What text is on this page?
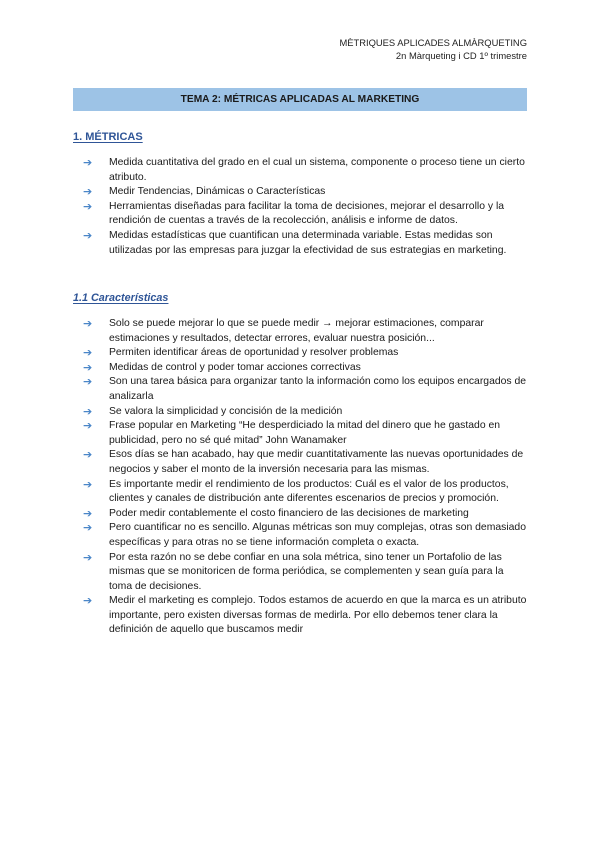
MÈTRIQUES APLICADES ALMÀRQUETING
2n Màrqueting i CD 1º trimestre
TEMA 2: MÉTRICAS APLICADAS AL MARKETING
1. MÉTRICAS
➔ Medida cuantitativa del grado en el cual un sistema, componente o proceso tiene un cierto atributo.
➔ Medir Tendencias, Dinámicas o Características
➔ Herramientas diseñadas para facilitar la toma de decisiones, mejorar el desarrollo y la rendición de cuentas a través de la recolección, análisis e informe de datos.
➔ Medidas estadísticas que cuantifican una determinada variable. Estas medidas son utilizadas por las empresas para juzgar la efectividad de sus estrategias en marketing.
1.1 Características
➔ Solo se puede mejorar lo que se puede medir → mejorar estimaciones, comparar estimaciones y resultados, detectar errores, evaluar nuestra posición...
➔ Permiten identificar áreas de oportunidad y resolver problemas
➔ Medidas de control y poder tomar acciones correctivas
➔ Son una tarea básica para organizar tanto la información como los equipos encargados de analizarla
➔ Se valora la simplicidad y concisión de la medición
➔ Frase popular en Marketing “He desperdiciado la mitad del dinero que he gastado en publicidad, pero no sé qué mitad” John Wanamaker
➔ Esos días se han acabado, hay que medir cuantitativamente las nuevas oportunidades de negocios y saber el monto de la inversión necesaria para las mismas.
➔ Es importante medir el rendimiento de los productos: Cuál es el valor de los productos, clientes y canales de distribución ante diferentes escenarios de precios y promoción.
➔ Poder medir contablemente el costo financiero de las decisiones de marketing
➔ Pero cuantificar no es sencillo. Algunas métricas son muy complejas, otras son demasiado específicas y para otras no se tiene información completa o exacta.
➔ Por esta razón no se debe confiar en una sola métrica, sino tener un Portafolio de las mismas que se monitoricen de forma periódica, se complementen y sean guía para la toma de decisiones.
➔ Medir el marketing es complejo. Todos estamos de acuerdo en que la marca es un atributo importante, pero existen diversas formas de medirla. Por ello debemos tener clara la definición de aquello que buscamos medir
